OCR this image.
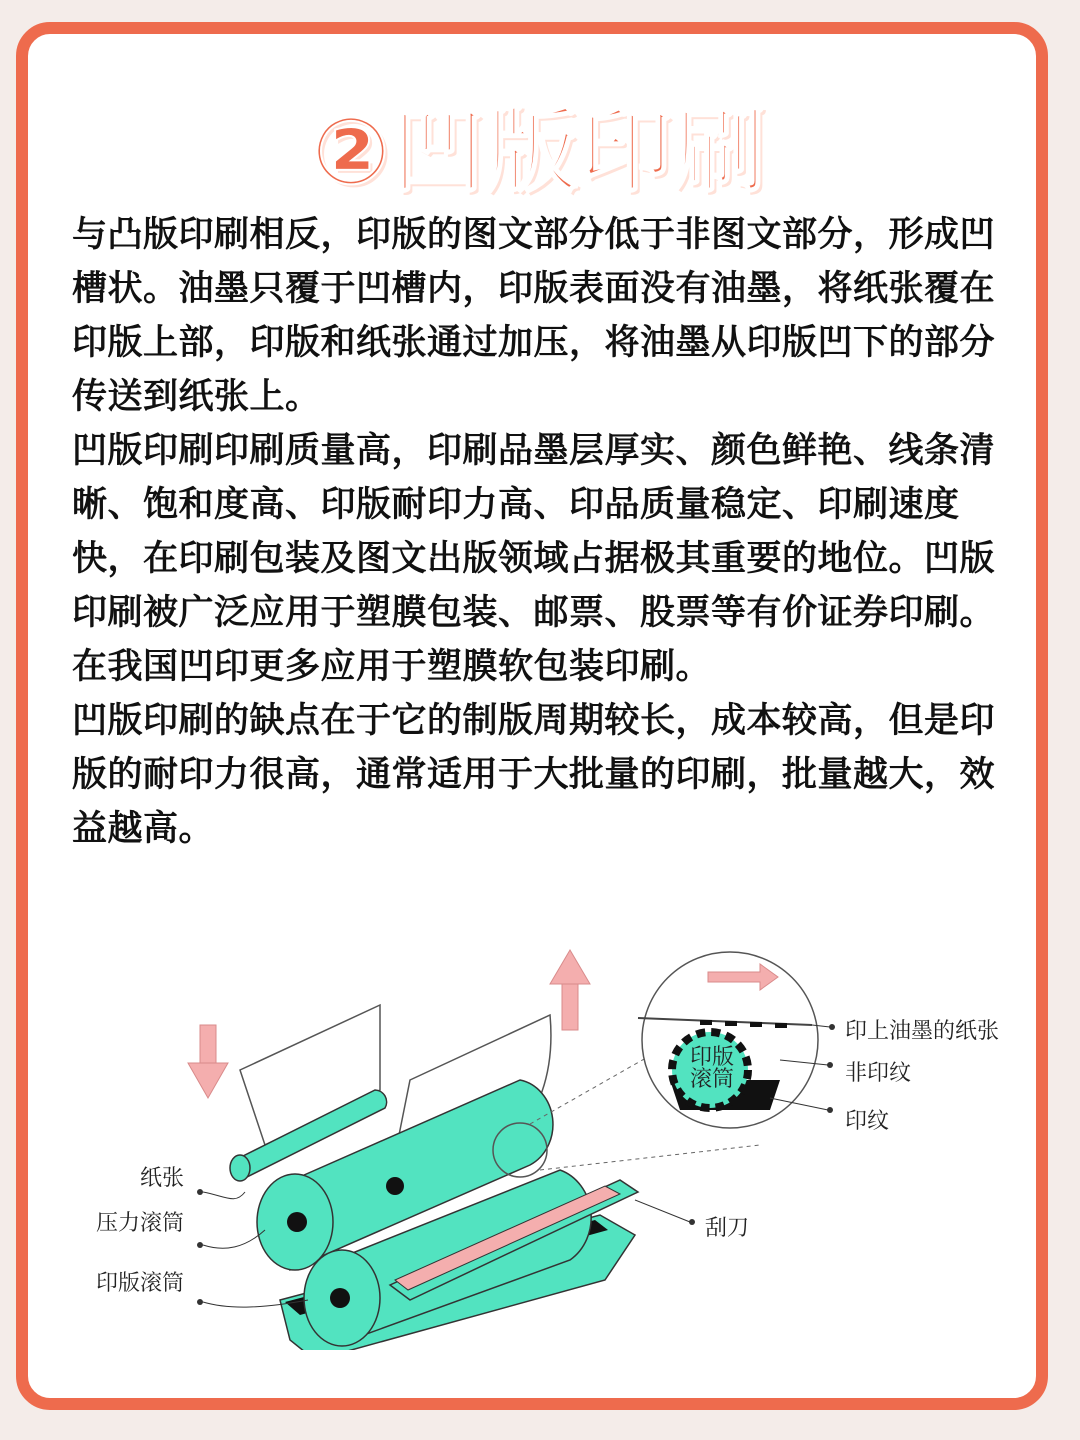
②凹版印刷

与凸版印刷相反，印版的图文部分低于非图文部分，形成凹槽状。油墨只覆于凹槽内，印版表面没有油墨，将纸张覆在印版上部，印版和纸张通过加压，将油墨从印版凹下的部分传送到纸张上。

凹版印刷印刷质量高，印刷品墨层厚实、颜色鲜艳、线条清晰、饱和度高、印版耐印力高、印品质量稳定、印刷速度快，在印刷包装及图文出版领域占据极其重要的地位。凹版印刷被广泛应用于塑膜包装、邮票、股票等有价证券印刷。

在我国凹印更多应用于塑膜软包装印刷。

凹版印刷的缺点在于它的制版周期较长，成本较高，但是印版的耐印力很高，通常适用于大批量的印刷，批量越大，效益越高。

印版
滚筒
印上油墨的纸张
非印纹
印纹
刮刀
纸张
压力滚筒
印版滚筒
